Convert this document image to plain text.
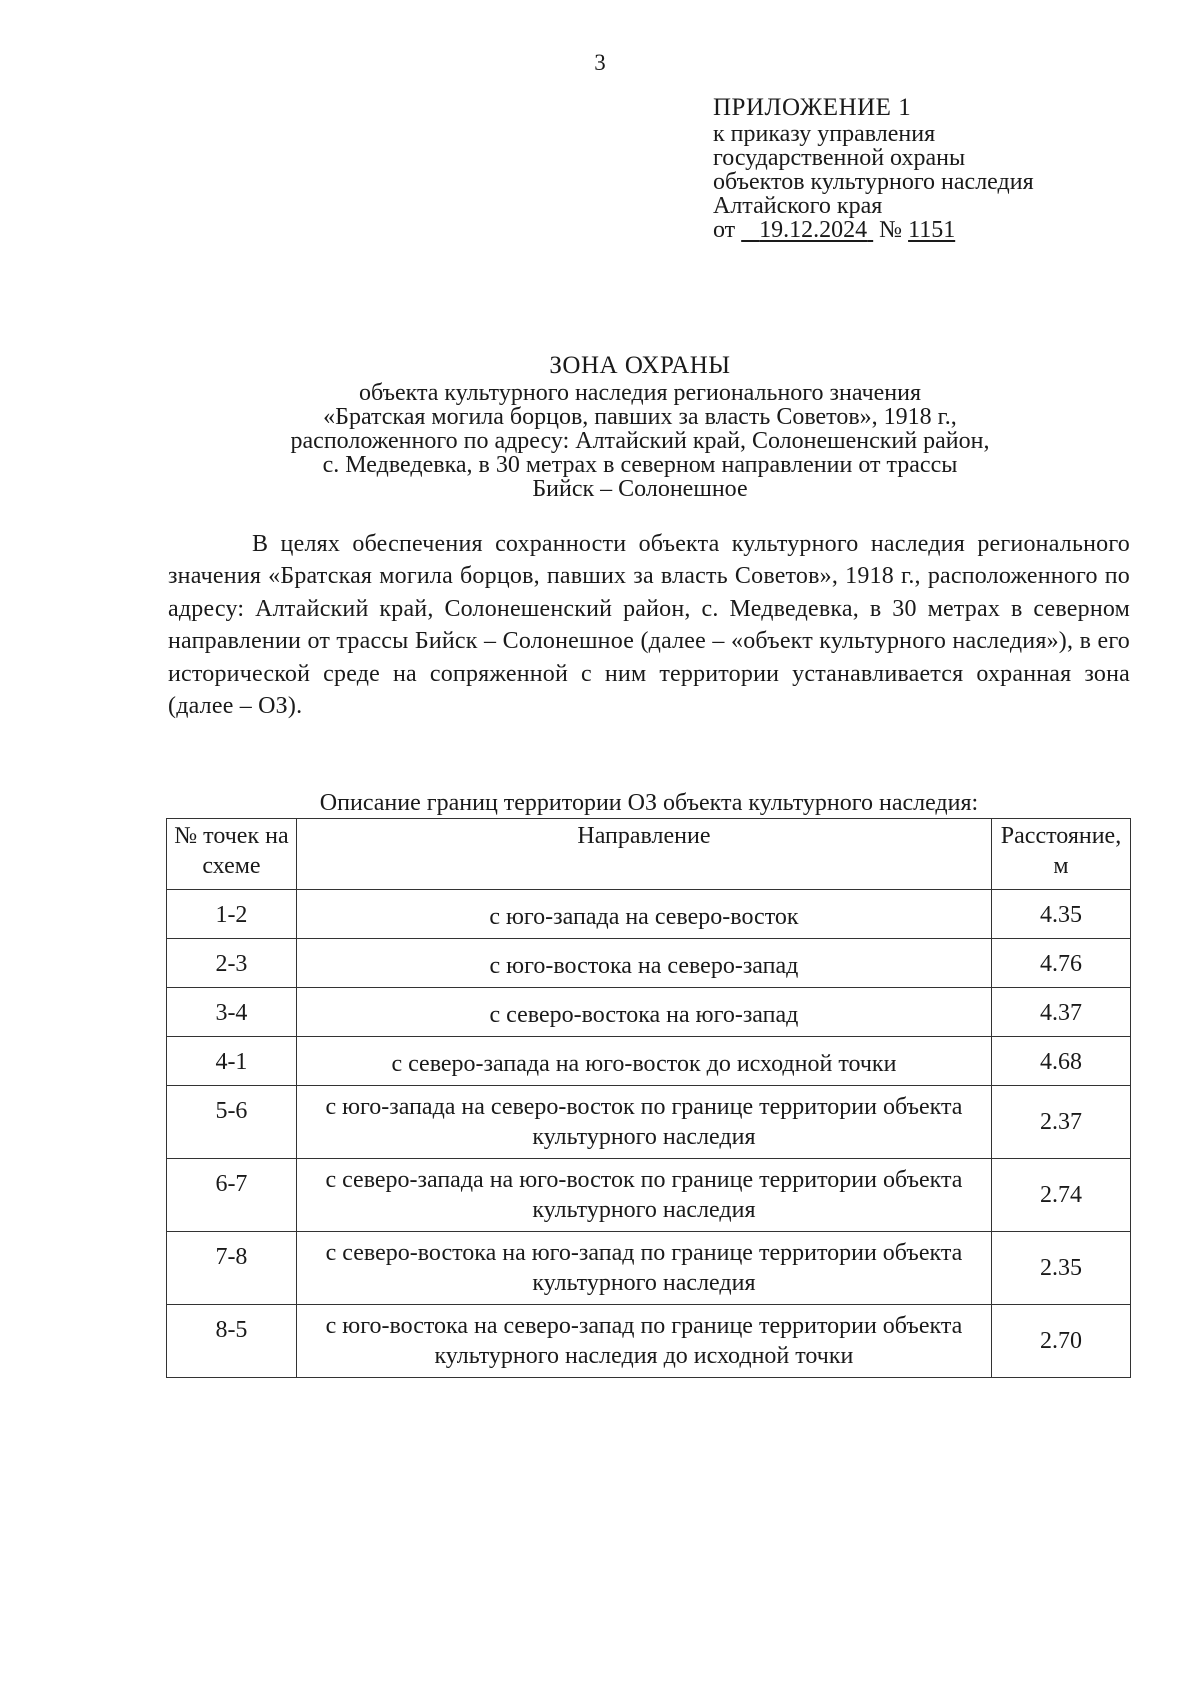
3
ПРИЛОЖЕНИЕ 1
к приказу управления
государственной охраны
объектов культурного наследия
Алтайского края
от 19.12.2024 № 1151
ЗОНА ОХРАНЫ
объекта культурного наследия регионального значения
«Братская могила борцов, павших за власть Советов», 1918 г.,
расположенного по адресу: Алтайский край, Солонешенский район,
с. Медведевка, в 30 метрах в северном направлении от трассы
Бийск – Солонешное
В целях обеспечения сохранности объекта культурного наследия регионального значения «Братская могила борцов, павших за власть Советов», 1918 г., расположенного по адресу: Алтайский край, Солонешенский район, с. Медведевка, в 30 метрах в северном направлении от трассы Бийск – Солонешное (далее – «объект культурного наследия»), в его исторической среде на сопряженной с ним территории устанавливается охранная зона (далее – ОЗ).
Описание границ территории ОЗ объекта культурного наследия:
№ точек на схеме	Направление	Расстояние, м
1-2	с юго-запада на северо-восток	4.35
2-3	с юго-востока на северо-запад	4.76
3-4	с северо-востока на юго-запад	4.37
4-1	с северо-запада на юго-восток до исходной точки	4.68
5-6	с юго-запада на северо-восток по границе территории объекта культурного наследия	2.37
6-7	с северо-запада на юго-восток по границе территории объекта культурного наследия	2.74
7-8	с северо-востока на юго-запад по границе территории объекта культурного наследия	2.35
8-5	с юго-востока на северо-запад по границе территории объекта культурного наследия до исходной точки	2.70
